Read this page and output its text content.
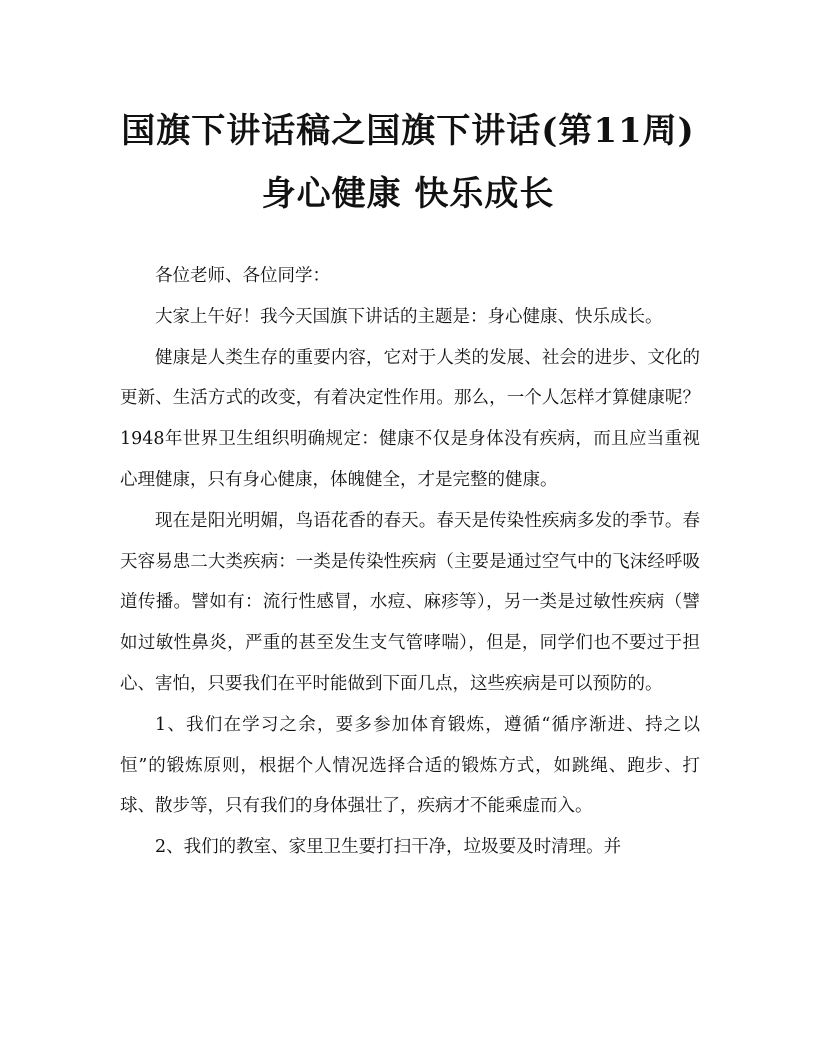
国旗下讲话稿之国旗下讲话(第11周)
身心健康 快乐成长

各位老师、各位同学：

大家上午好！我今天国旗下讲话的主题是：身心健康、快乐成长。

健康是人类生存的重要内容，它对于人类的发展、社会的进步、文化的更新、生活方式的改变，有着决定性作用。那么，一个人怎样才算健康呢？1948年世界卫生组织明确规定：健康不仅是身体没有疾病，而且应当重视心理健康，只有身心健康，体魄健全，才是完整的健康。

现在是阳光明媚，鸟语花香的春天。春天是传染性疾病多发的季节。春天容易患二大类疾病：一类是传染性疾病（主要是通过空气中的飞沫经呼吸道传播。譬如有：流行性感冒，水痘、麻疹等），另一类是过敏性疾病（譬如过敏性鼻炎，严重的甚至发生支气管哮喘），但是，同学们也不要过于担心、害怕，只要我们在平时能做到下面几点，这些疾病是可以预防的。

1、我们在学习之余，要多参加体育锻炼，遵循“循序渐进、持之以恒”的锻炼原则，根据个人情况选择合适的锻炼方式，如跳绳、跑步、打球、散步等，只有我们的身体强壮了，疾病才不能乘虚而入。

2、我们的教室、家里卫生要打扫干净，垃圾要及时清理。并
